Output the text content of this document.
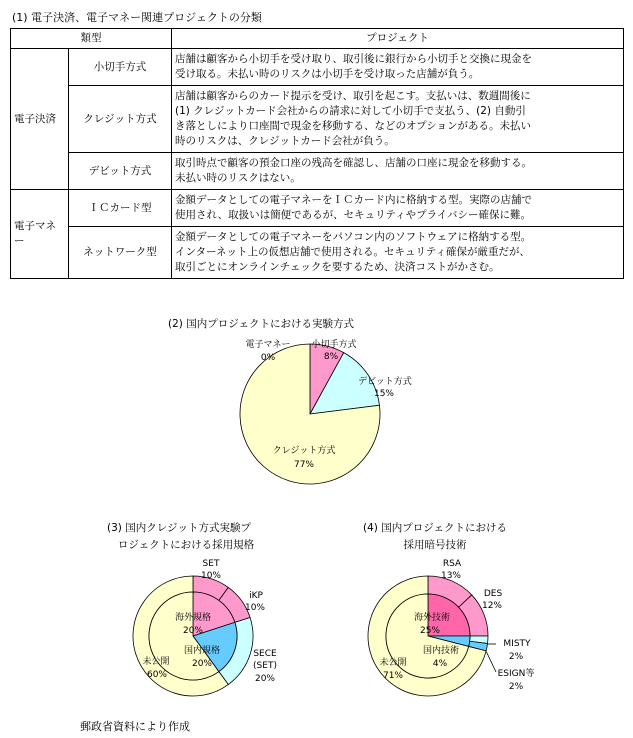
(1) 電子決済、電子マネー関連プロジェクトの分類
類型		プロジェクト
電子決済	小切手方式	店舗は顧客から小切手を受け取り、取引後に銀行から小切手と交換に現金を
受け取る。未払い時のリスクは小切手を受け取った店舗が負う。

	クレジット方式	店舗は顧客からのカード提示を受け、取引を起こす。支払いは、数週間後に
(1) クレジットカード会社からの請求に対して小切手で支払う、(2) 自動引
き落としにより口座間で現金を移動する、などのオプションがある。未払い
時のリスクは、クレジットカード会社が負う。

	デビット方式	取引時点で顧客の預金口座の残高を確認し、店舗の口座に現金を移動する。
未払い時のリスクはない。

電子マネー	ＩＣカード型	金額データとしての電子マネーをＩＣカード内に格納する型。実際の店舗で
使用され、取扱いは簡便であるが、セキュリティやプライバシー確保に難。

	ネットワーク型	金額データとしての電子マネーをパソコン内のソフトウェアに格納する型。
インターネット上の仮想店舗で使用される。セキュリティ確保が厳重だが、
取引ごとにオンラインチェックを要するため、決済コストがかさむ。
(2) 国内プロジェクトにおける実験方式
電子マネー
0%
小切手方式
8%
デビット方式
15%
クレジット方式
77%
(3) 国内クレジット方式実験プ
ロジェクトにおける採用規格
SET
10%
iKP
10%
SECE
(SET)
20%
未公開
60%
海外規格
20%
国内規格
20%
(4) 国内プロジェクトにおける
採用暗号技術
RSA
13%
DES
12%
MISTY
2%
ESIGN等
2%
未公開
71%
海外技術
25%
国内技術
4%
郵政省資料により作成
